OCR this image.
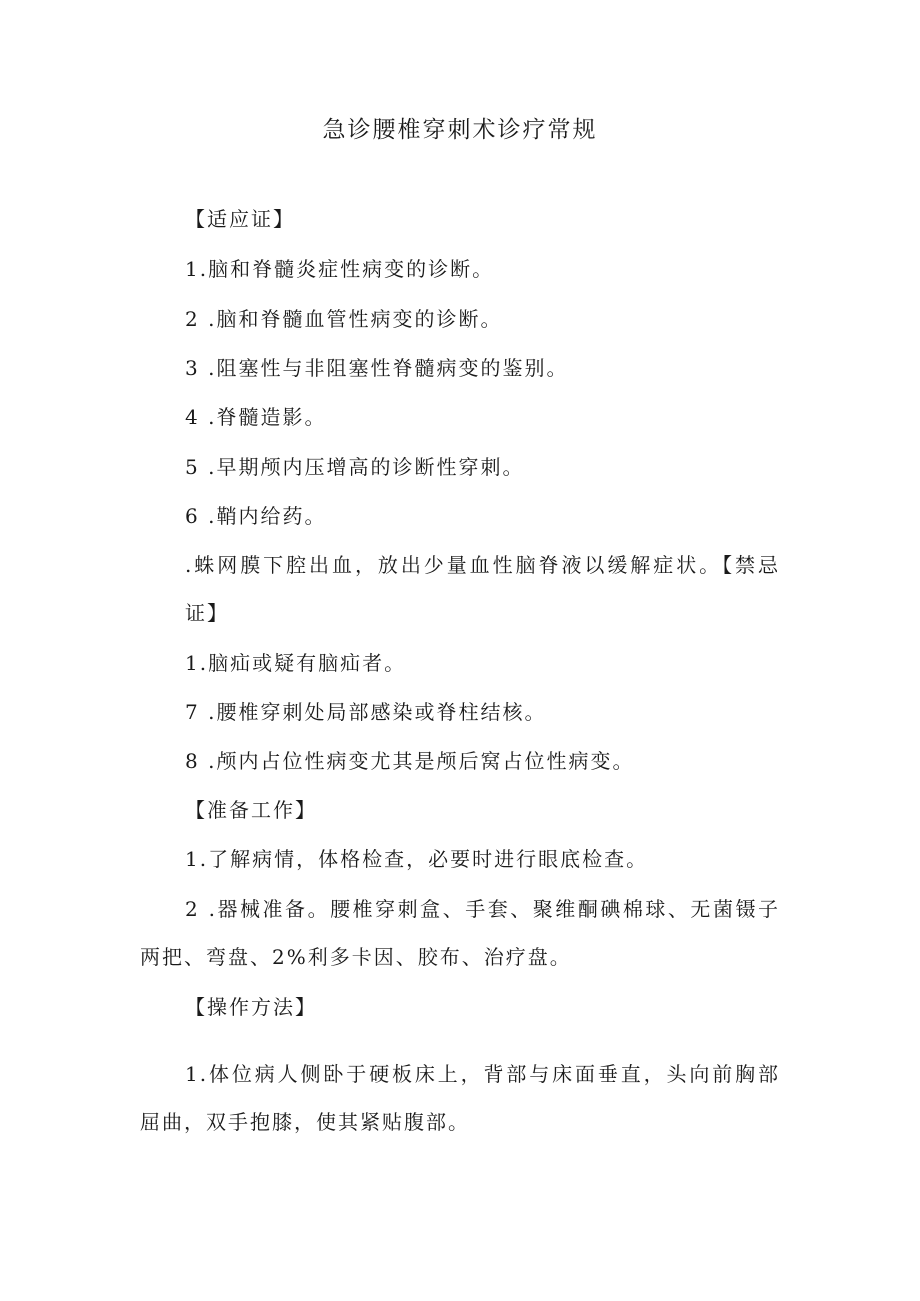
急诊腰椎穿刺术诊疗常规

【适应证】

1.脑和脊髓炎症性病变的诊断。

2 .脑和脊髓血管性病变的诊断。

3 .阻塞性与非阻塞性脊髓病变的鉴别。

4 .脊髓造影。

5 .早期颅内压增高的诊断性穿刺。

6 .鞘内给药。

.蛛网膜下腔出血，放出少量血性脑脊液以缓解症状。【禁忌证】

1.脑疝或疑有脑疝者。

7 .腰椎穿刺处局部感染或脊柱结核。

8 .颅内占位性病变尤其是颅后窝占位性病变。

【准备工作】

1.了解病情，体格检查，必要时进行眼底检查。

2 .器械准备。腰椎穿刺盒、手套、聚维酮碘棉球、无菌镊子两把、弯盘、2%利多卡因、胶布、治疗盘。

【操作方法】

1.体位病人侧卧于硬板床上，背部与床面垂直，头向前胸部屈曲，双手抱膝，使其紧贴腹部。
